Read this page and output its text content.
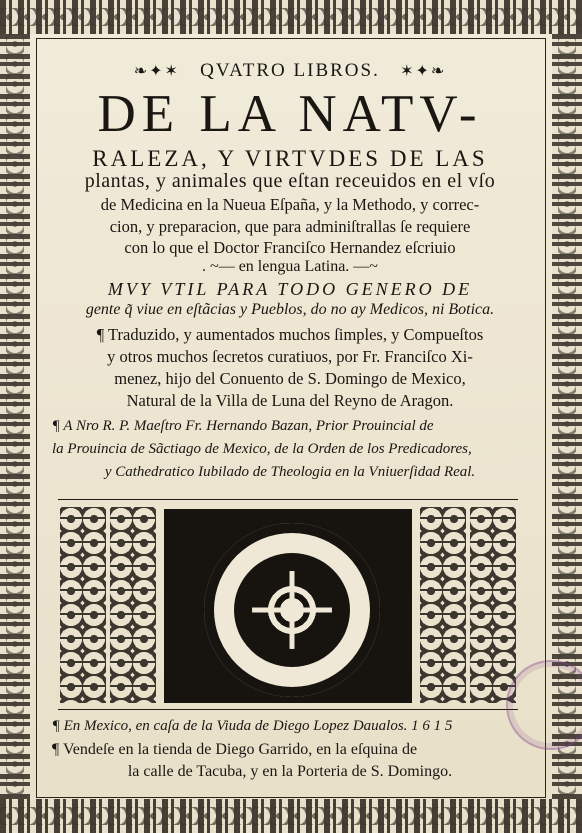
❧✦✶ QVATRO LIBROS. ✶✦❧
DE LA NATV-
RALEZA, Y VIRTVDES DE LAS
plantas, y animales que eſtan receuidos en el vſo
de Medicina en la Nueua Eſpaña, y la Methodo, y correc-
cion, y preparacion, que para adminiſtrallas ſe requiere
con lo que el Doctor Franciſco Hernandez eſcriuio
. ~— en lengua Latina. —~
MVY VTIL PARA TODO GENERO DE
gente q̃ viue en eſtãcias y Pueblos, do no ay Medicos, ni Botica.
¶ Traduzido, y aumentados muchos ſimples, y Compueſtos
y otros muchos ſecretos curatiuos, por Fr. Franciſco Xi-
menez, hijo del Conuento de S. Domingo de Mexico,
Natural de la Villa de Luna del Reyno de Aragon.
¶ A Nro R. P. Maeſtro Fr. Hernando Bazan, Prior Prouincial de
la Prouincia de Sãctiago de Mexico, de la Orden de los Predicadores,
y Cathedratico Iubilado de Theologia en la Vniuerſidad Real.
¶ En Mexico, en caſa de la Viuda de Diego Lopez Daualos. 1 6 1 5
¶ Vendeſe en la tienda de Diego Garrido, en la eſquina de
la calle de Tacuba, y en la Porteria de S. Domingo.
